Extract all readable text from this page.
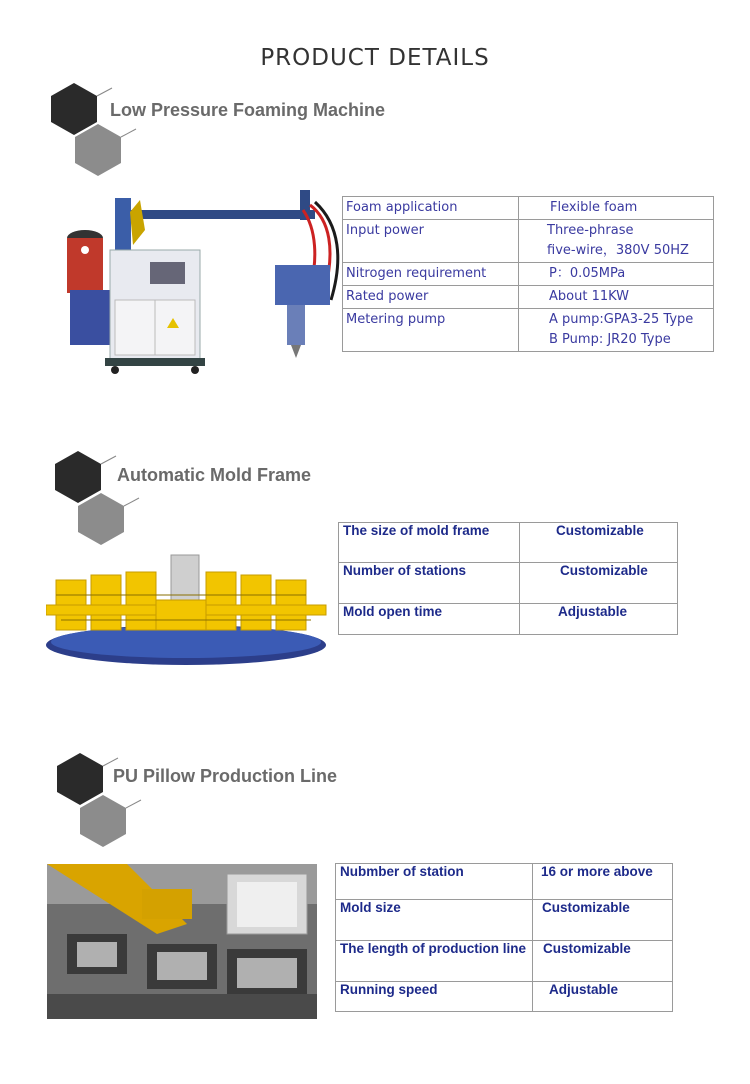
PRODUCT DETAILS
Low Pressure Foaming Machine
Foam application	Flexible foam
Input power	Three-phrase
five-wire，380V 50HZ

Nitrogen requirement	P：0.05MPa
Rated power	About 11KW
Metering pump	A pump:GPA3-25 Type
B Pump: JR20 Type
Automatic Mold Frame
The size of mold frame	Customizable
Number of stations	Customizable
Mold open time	Adjustable
PU Pillow Production Line
Nubmber of station	16 or more above
Mold size	Customizable
The length of production line	Customizable
Running speed	Adjustable
